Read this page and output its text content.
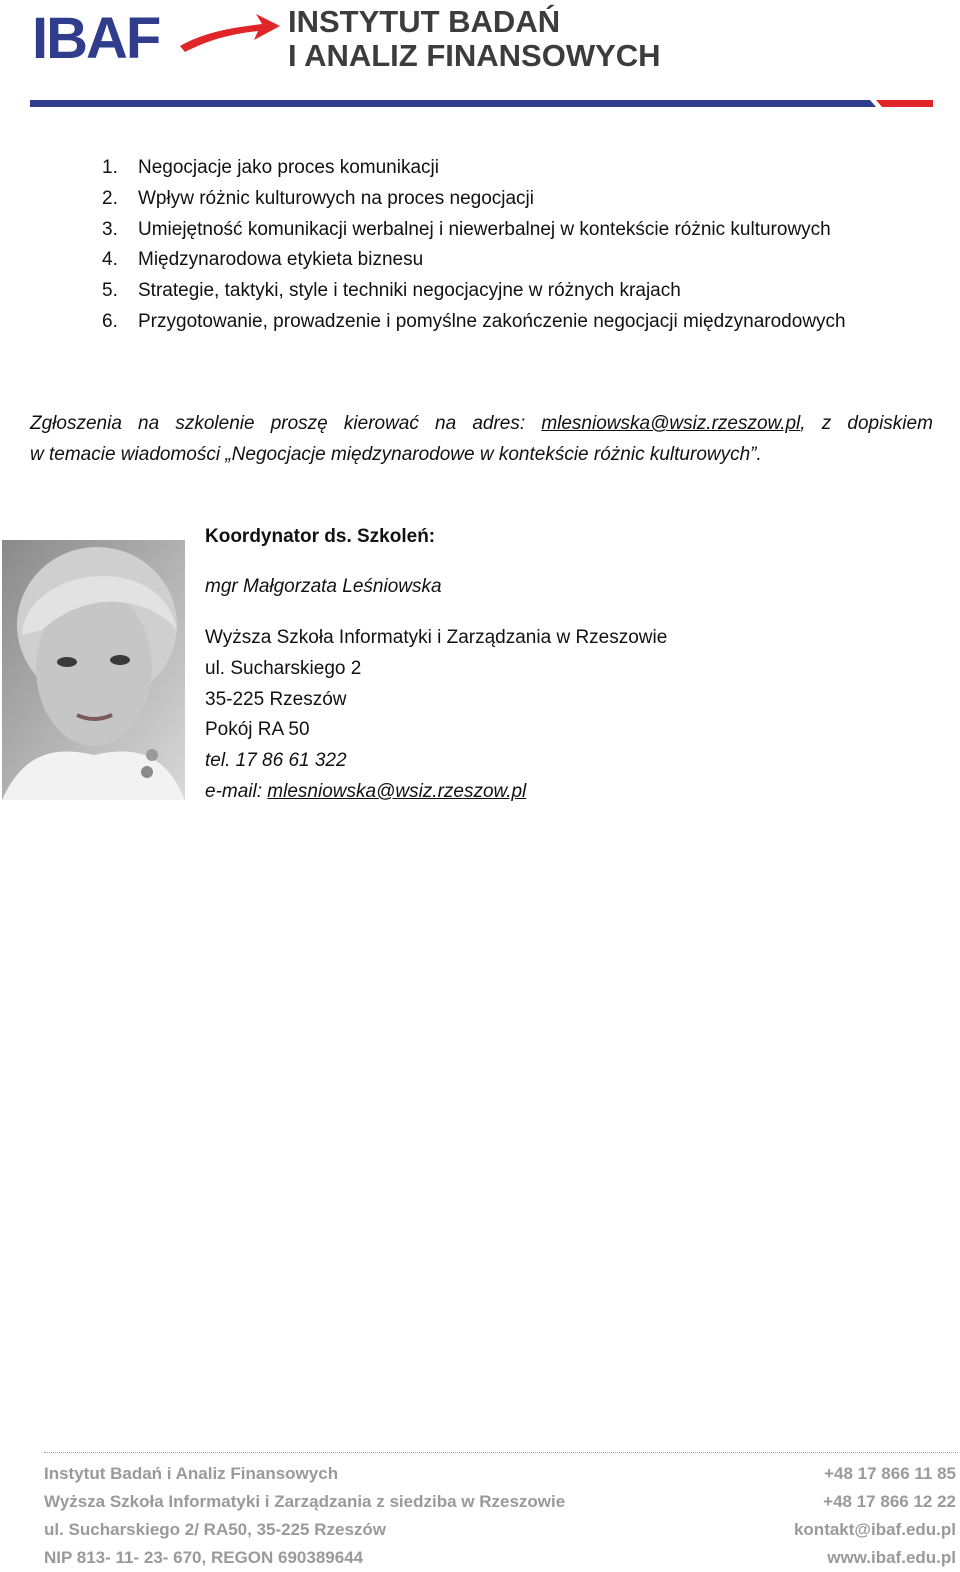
IBAF	INSTYTUT BADAŃ
I ANALIZ FINANSOWYCH
1. Negocjacje jako proces komunikacji
2. Wpływ różnic kulturowych na proces negocjacji
3. Umiejętność komunikacji werbalnej i niewerbalnej w kontekście różnic kulturowych
4. Międzynarodowa etykieta biznesu
5. Strategie, taktyki, style i techniki negocjacyjne w różnych krajach
6. Przygotowanie, prowadzenie i pomyślne zakończenie negocjacji międzynarodowych
Zgłoszenia na szkolenie proszę kierować na adres: mlesniowska@wsiz.rzeszow.pl, z dopiskiem
w temacie wiadomości „Negocjacje międzynarodowe w kontekście różnic kulturowych”.
Koordynator ds. Szkoleń:
mgr Małgorzata Leśniowska
Wyższa Szkoła Informatyki i Zarządzania w Rzeszowie
ul. Sucharskiego 2
35-225 Rzeszów
Pokój RA 50
tel. 17 86 61 322
e-mail: mlesniowska@wsiz.rzeszow.pl
Instytut Badań i Analiz Finansowych
Wyższa Szkoła Informatyki i Zarządzania z siedziba w Rzeszowie
ul. Sucharskiego 2/ RA50, 35-225 Rzeszów
NIP 813- 11- 23- 670, REGON 690389644
+48 17 866 11 85
+48 17 866 12 22
kontakt@ibaf.edu.pl
www.ibaf.edu.pl
